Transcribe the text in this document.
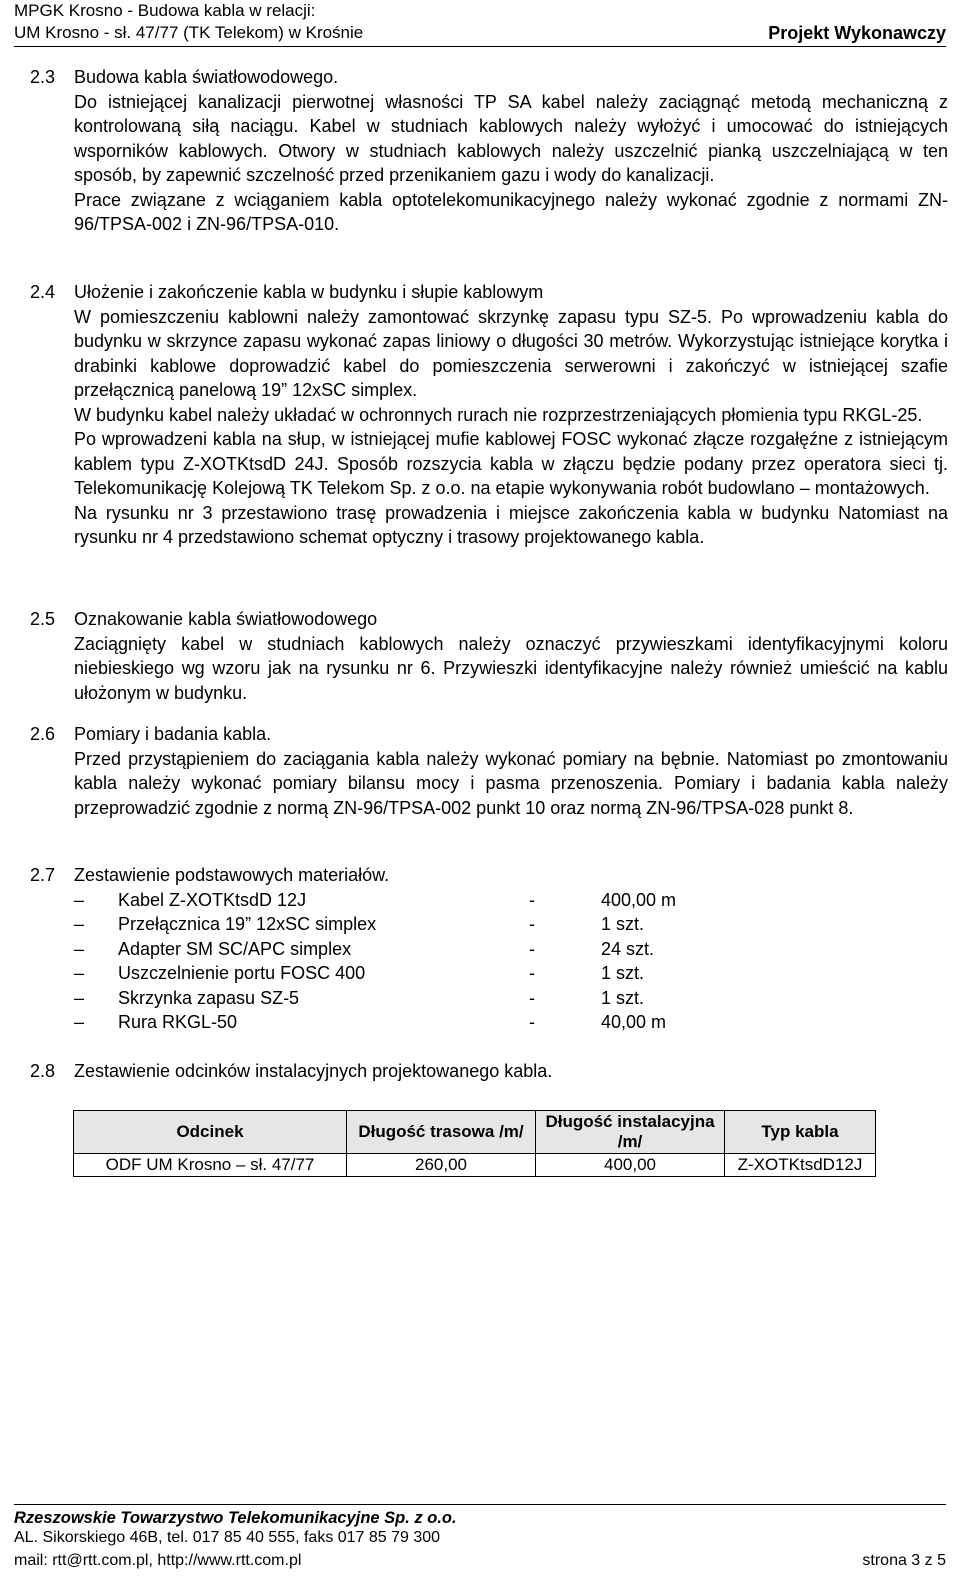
MPGK Krosno - Budowa kabla w relacji:
UM Krosno - sł. 47/77 (TK Telekom) w Krośnie	Projekt Wykonawczy
2.3 Budowa kabla światłowodowego.
Do istniejącej kanalizacji pierwotnej własności TP SA kabel należy zaciągnąć metodą mechaniczną z kontrolowaną siłą naciągu. Kabel w studniach kablowych należy wyłożyć i umocować do istniejących wsporników kablowych. Otwory w studniach kablowych należy uszczelnić pianką uszczelniającą w ten sposób, by zapewnić szczelność przed przenikaniem gazu i wody do kanalizacji.
Prace związane z wciąganiem kabla optotelekomunikacyjnego należy wykonać zgodnie z normami ZN-96/TPSA-002 i ZN-96/TPSA-010.
2.4 Ułożenie i zakończenie kabla w budynku i słupie kablowym
W pomieszczeniu kablowni należy zamontować skrzynkę zapasu typu SZ-5. Po wprowadzeniu kabla do budynku w skrzynce zapasu wykonać zapas liniowy o długości 30 metrów. Wykorzystując istniejące korytka i drabinki kablowe doprowadzić kabel do pomieszczenia serwerowni i zakończyć w istniejącej szafie przełącznicą panelową 19” 12xSC simplex.
W budynku kabel należy układać w ochronnych rurach nie rozprzestrzeniających płomienia typu RKGL-25.
Po wprowadzeni kabla na słup, w istniejącej mufie kablowej FOSC wykonać złącze rozgałęźne z istniejącym kablem typu Z-XOTKtsdD 24J. Sposób rozszycia kabla w złączu będzie podany przez operatora sieci tj. Telekomunikację Kolejową TK Telekom Sp. z o.o. na etapie wykonywania robót budowlano – montażowych.
Na rysunku nr 3 przestawiono trasę prowadzenia i miejsce zakończenia kabla w budynku Natomiast na rysunku nr 4 przedstawiono schemat optyczny i trasowy projektowanego kabla.
2.5 Oznakowanie kabla światłowodowego
Zaciągnięty kabel w studniach kablowych należy oznaczyć przywieszkami identyfikacyjnymi koloru niebieskiego wg wzoru jak na rysunku nr 6. Przywieszki identyfikacyjne należy również umieścić na kablu ułożonym w budynku.
2.6 Pomiary i badania kabla.
Przed przystąpieniem do zaciągania kabla należy wykonać pomiary na bębnie. Natomiast po zmontowaniu kabla należy wykonać pomiary bilansu mocy i pasma przenoszenia. Pomiary i badania kabla należy przeprowadzić zgodnie z normą ZN-96/TPSA-002 punkt 10 oraz normą ZN-96/TPSA-028 punkt 8.
2.7 Zestawienie podstawowych materiałów.
– Kabel Z-XOTKtsdD 12J	-	400,00 m
– Przełącznica 19” 12xSC simplex	-	1 szt.
– Adapter SM SC/APC simplex	-	24 szt.
– Uszczelnienie portu FOSC 400	-	1 szt.
– Skrzynka zapasu SZ-5	-	1 szt.
– Rura RKGL-50	-	40,00 m
2.8 Zestawienie odcinków instalacyjnych projektowanego kabla.
Odcinek	Długość trasowa /m/	Długość instalacyjna /m/	Typ kabla
ODF UM Krosno – sł. 47/77	260,00	400,00	Z-XOTKtsdD12J
Rzeszowskie Towarzystwo Telekomunikacyjne Sp. z o.o.
AL. Sikorskiego 46B, tel. 017 85 40 555, faks 017 85 79 300
mail: rtt@rtt.com.pl, http://www.rtt.com.pl	strona 3 z 5
